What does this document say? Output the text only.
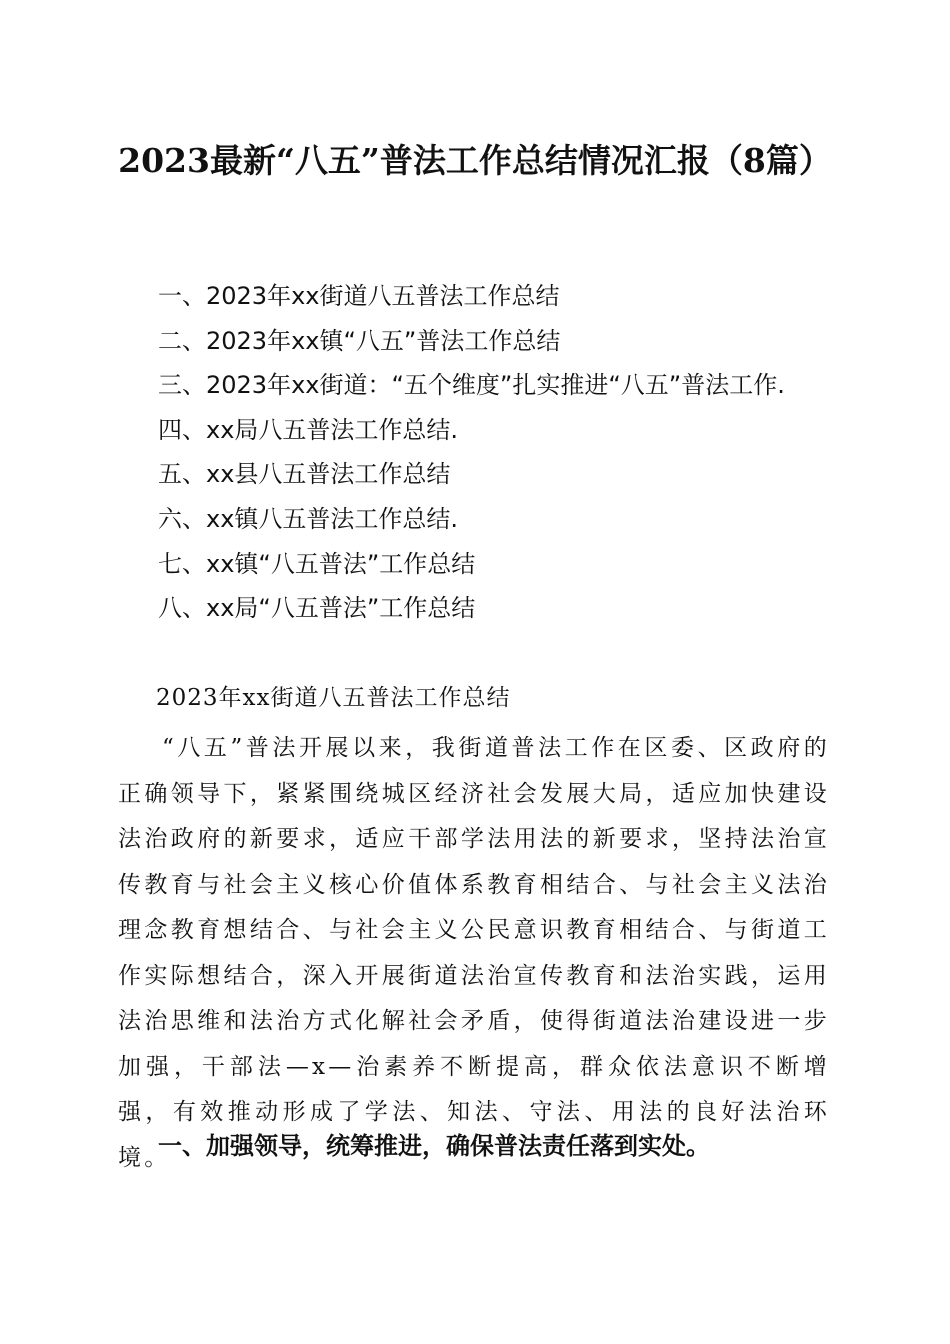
2023最新“八五”普法工作总结情况汇报（8篇）
一、2023年xx街道八五普法工作总结
二、2023年xx镇“八五”普法工作总结
三、2023年xx街道：“五个维度”扎实推进“八五”普法工作.
四、xx局八五普法工作总结.
五、xx县八五普法工作总结
六、xx镇八五普法工作总结.
七、xx镇“八五普法”工作总结
八、xx局“八五普法”工作总结

2023年xx街道八五普法工作总结

“八五”普法开展以来，我街道普法工作在区委、区政府的正确领导下，紧紧围绕城区经济社会发展大局，适应加快建设法治政府的新要求，适应干部学法用法的新要求，坚持法治宣传教育与社会主义核心价值体系教育相结合、与社会主义法治理念教育想结合、与社会主义公民意识教育相结合、与街道工作实际想结合，深入开展街道法治宣传教育和法治实践，运用法治思维和法治方式化解社会矛盾，使得街道法治建设进一步加强，干部法—x—治素养不断提高，群众依法意识不断增强，有效推动形成了学法、知法、守法、用法的良好法治环境。

一、加强领导，统筹推进，确保普法责任落到实处。
